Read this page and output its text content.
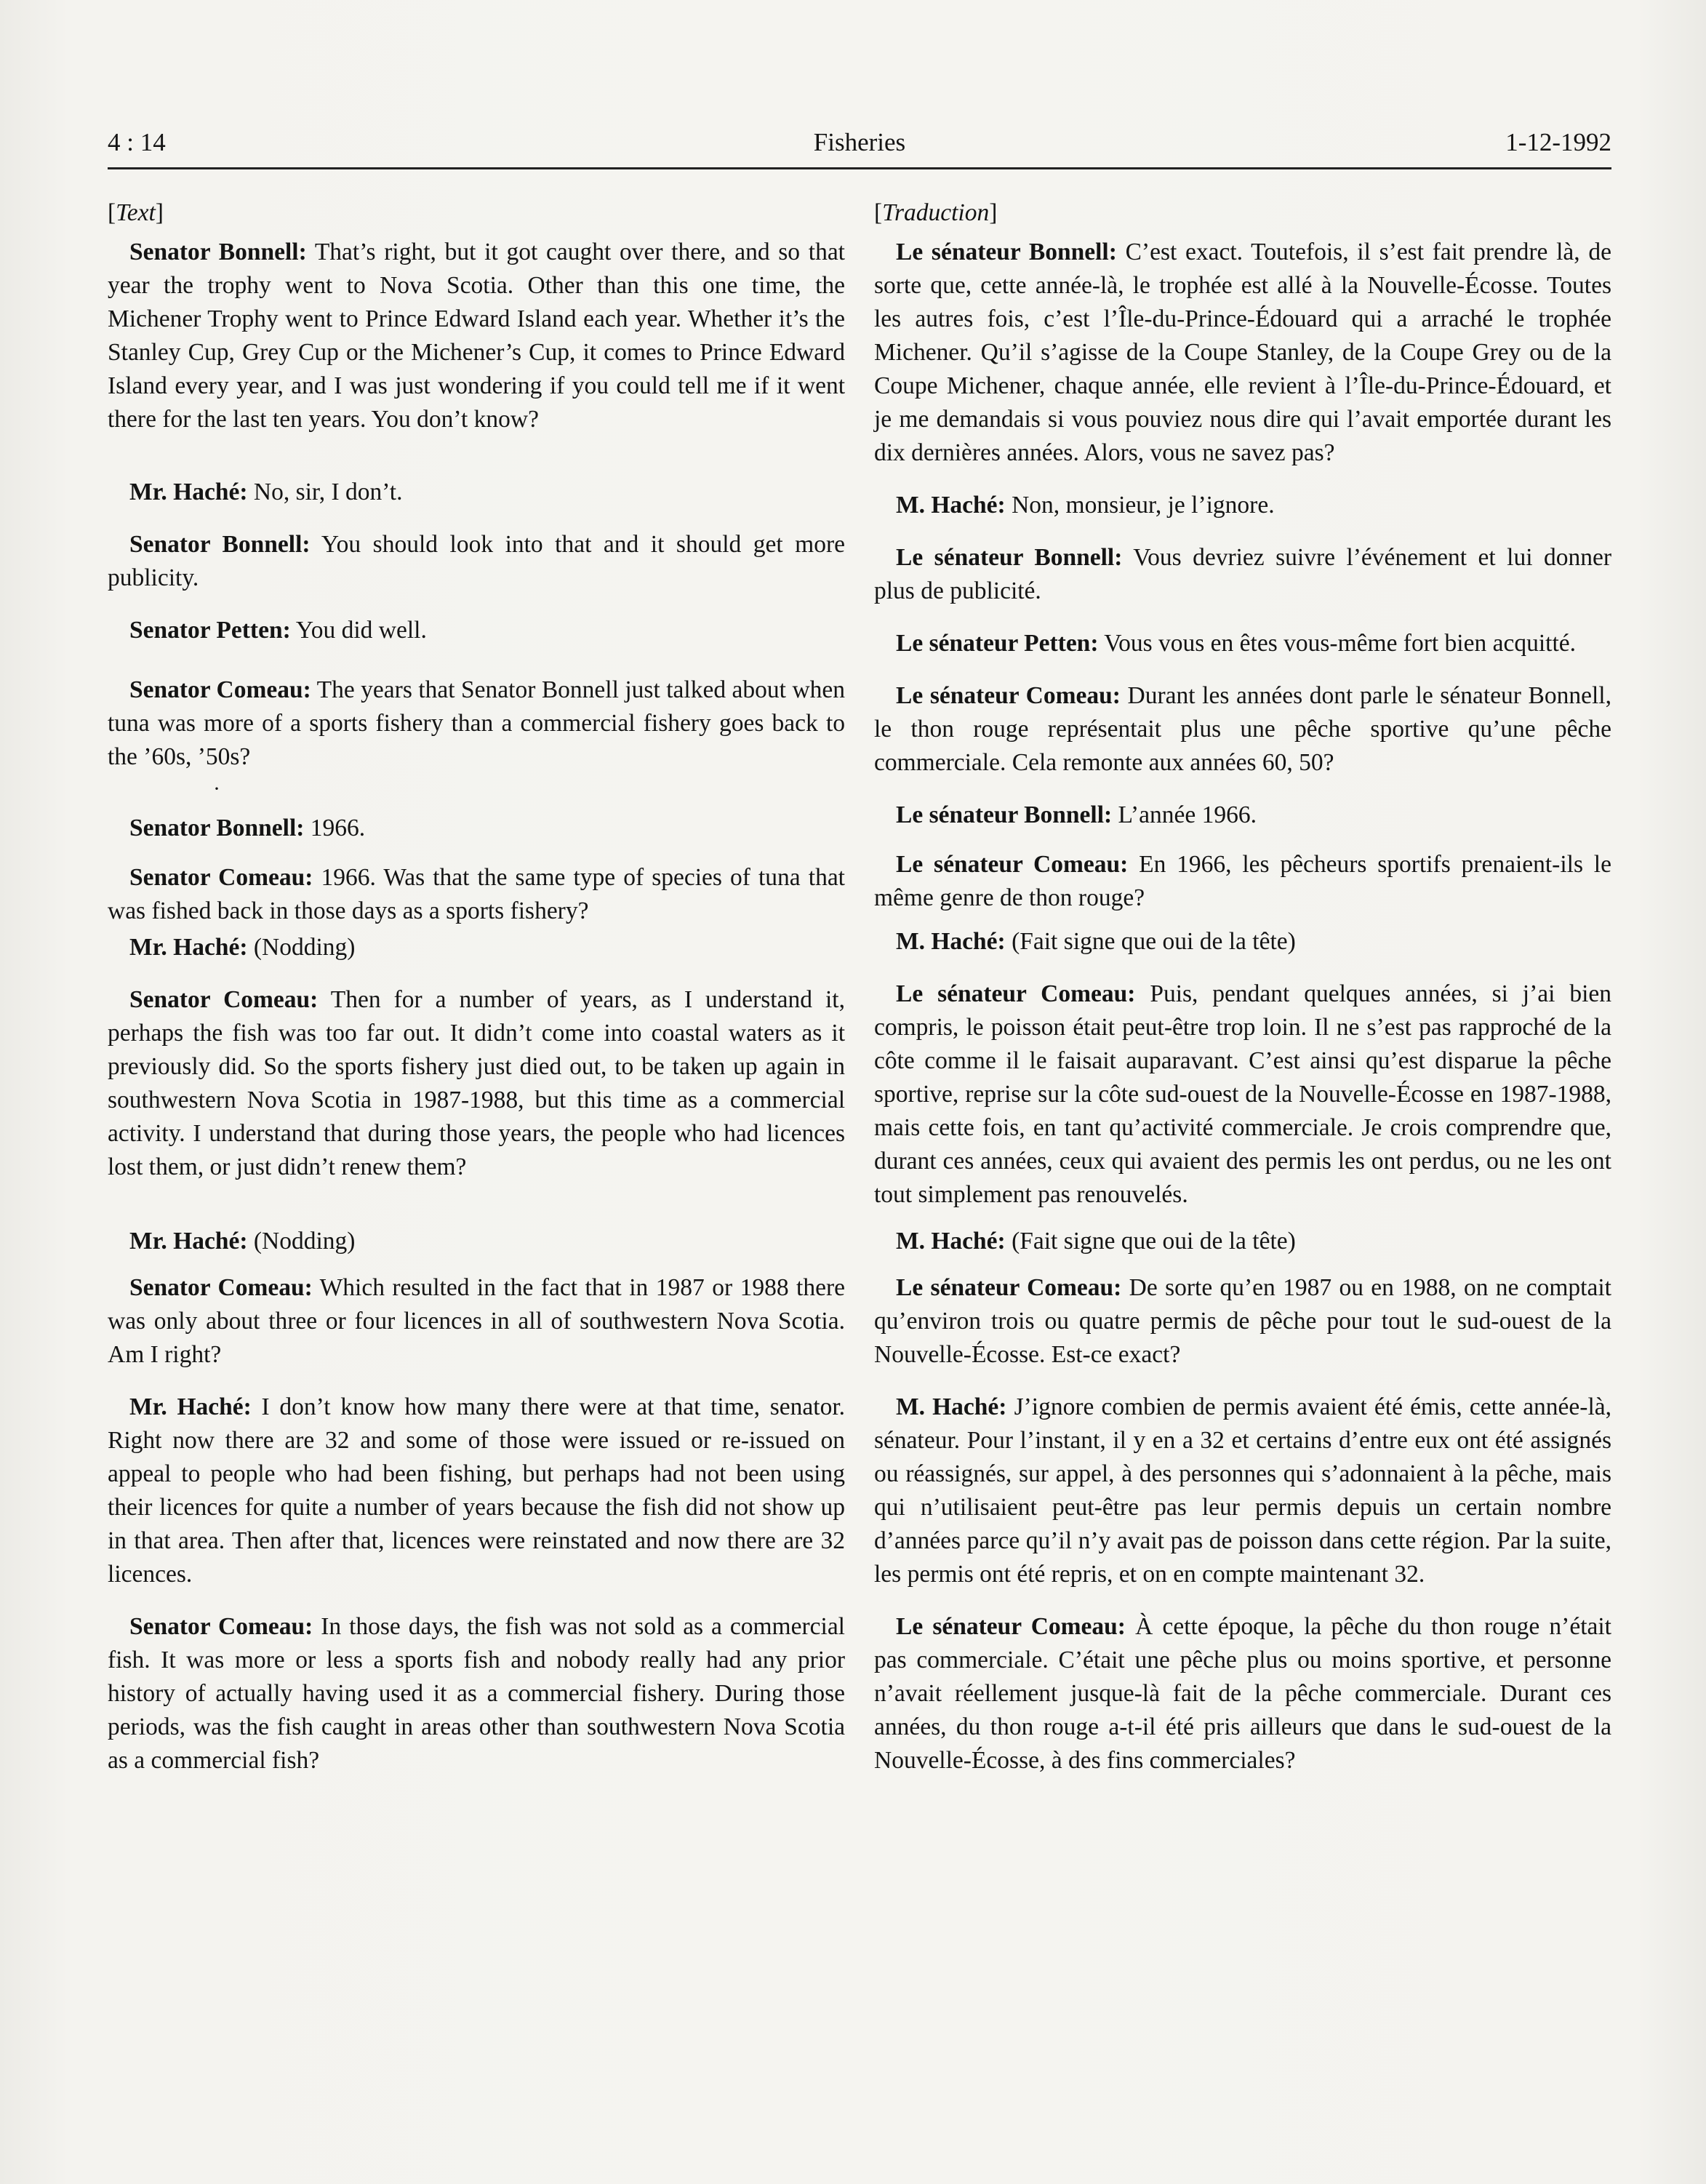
4 : 14	Fisheries	1-12-1992
[Text]

Senator Bonnell: That’s right, but it got caught over there, and so that year the trophy went to Nova Scotia. Other than this one time, the Michener Trophy went to Prince Edward Island each year. Whether it’s the Stanley Cup, Grey Cup or the Michener’s Cup, it comes to Prince Edward Island every year, and I was just wondering if you could tell me if it went there for the last ten years. You don’t know?

Mr. Haché: No, sir, I don’t.

Senator Bonnell: You should look into that and it should get more publicity.

Senator Petten: You did well.

Senator Comeau: The years that Senator Bonnell just talked about when tuna was more of a sports fishery than a commercial fishery goes back to the ’60s, ’50s?

·

Senator Bonnell: 1966.

Senator Comeau: 1966. Was that the same type of species of tuna that was fished back in those days as a sports fishery?

Mr. Haché: (Nodding)

Senator Comeau: Then for a number of years, as I understand it, perhaps the fish was too far out. It didn’t come into coastal waters as it previously did. So the sports fishery just died out, to be taken up again in southwestern Nova Scotia in 1987-1988, but this time as a commercial activity. I understand that during those years, the people who had licences lost them, or just didn’t renew them?

Mr. Haché: (Nodding)

Senator Comeau: Which resulted in the fact that in 1987 or 1988 there was only about three or four licences in all of southwestern Nova Scotia. Am I right?

Mr. Haché: I don’t know how many there were at that time, senator. Right now there are 32 and some of those were issued or re-issued on appeal to people who had been fishing, but perhaps had not been using their licences for quite a number of years because the fish did not show up in that area. Then after that, licences were reinstated and now there are 32 licences.

Senator Comeau: In those days, the fish was not sold as a commercial fish. It was more or less a sports fish and nobody really had any prior history of actually having used it as a commercial fishery. During those periods, was the fish caught in areas other than southwestern Nova Scotia as a commercial fish?

[Traduction]

Le sénateur Bonnell: C’est exact. Toutefois, il s’est fait prendre là, de sorte que, cette année-là, le trophée est allé à la Nouvelle-Écosse. Toutes les autres fois, c’est l’Île-du-Prince-Édouard qui a arraché le trophée Michener. Qu’il s’agisse de la Coupe Stanley, de la Coupe Grey ou de la Coupe Michener, chaque année, elle revient à l’Île-du-Prince-Édouard, et je me demandais si vous pouviez nous dire qui l’avait emportée durant les dix dernières années. Alors, vous ne savez pas?

M. Haché: Non, monsieur, je l’ignore.

Le sénateur Bonnell: Vous devriez suivre l’événement et lui donner plus de publicité.

Le sénateur Petten: Vous vous en êtes vous-même fort bien acquitté.

Le sénateur Comeau: Durant les années dont parle le sénateur Bonnell, le thon rouge représentait plus une pêche sportive qu’une pêche commerciale. Cela remonte aux années 60, 50?

Le sénateur Bonnell: L’année 1966.

Le sénateur Comeau: En 1966, les pêcheurs sportifs prenaient-ils le même genre de thon rouge?

M. Haché: (Fait signe que oui de la tête)

Le sénateur Comeau: Puis, pendant quelques années, si j’ai bien compris, le poisson était peut-être trop loin. Il ne s’est pas rapproché de la côte comme il le faisait auparavant. C’est ainsi qu’est disparue la pêche sportive, reprise sur la côte sud-ouest de la Nouvelle-Écosse en 1987-1988, mais cette fois, en tant qu’activité commerciale. Je crois comprendre que, durant ces années, ceux qui avaient des permis les ont perdus, ou ne les ont tout simplement pas renouvelés.

M. Haché: (Fait signe que oui de la tête)

Le sénateur Comeau: De sorte qu’en 1987 ou en 1988, on ne comptait qu’environ trois ou quatre permis de pêche pour tout le sud-ouest de la Nouvelle-Écosse. Est-ce exact?

M. Haché: J’ignore combien de permis avaient été émis, cette année-là, sénateur. Pour l’instant, il y en a 32 et certains d’entre eux ont été assignés ou réassignés, sur appel, à des personnes qui s’adonnaient à la pêche, mais qui n’utilisaient peut-être pas leur permis depuis un certain nombre d’années parce qu’il n’y avait pas de poisson dans cette région. Par la suite, les permis ont été repris, et on en compte maintenant 32.

Le sénateur Comeau: À cette époque, la pêche du thon rouge n’était pas commerciale. C’était une pêche plus ou moins sportive, et personne n’avait réellement jusque-là fait de la pêche commerciale. Durant ces années, du thon rouge a-t-il été pris ailleurs que dans le sud-ouest de la Nouvelle-Écosse, à des fins commerciales?
